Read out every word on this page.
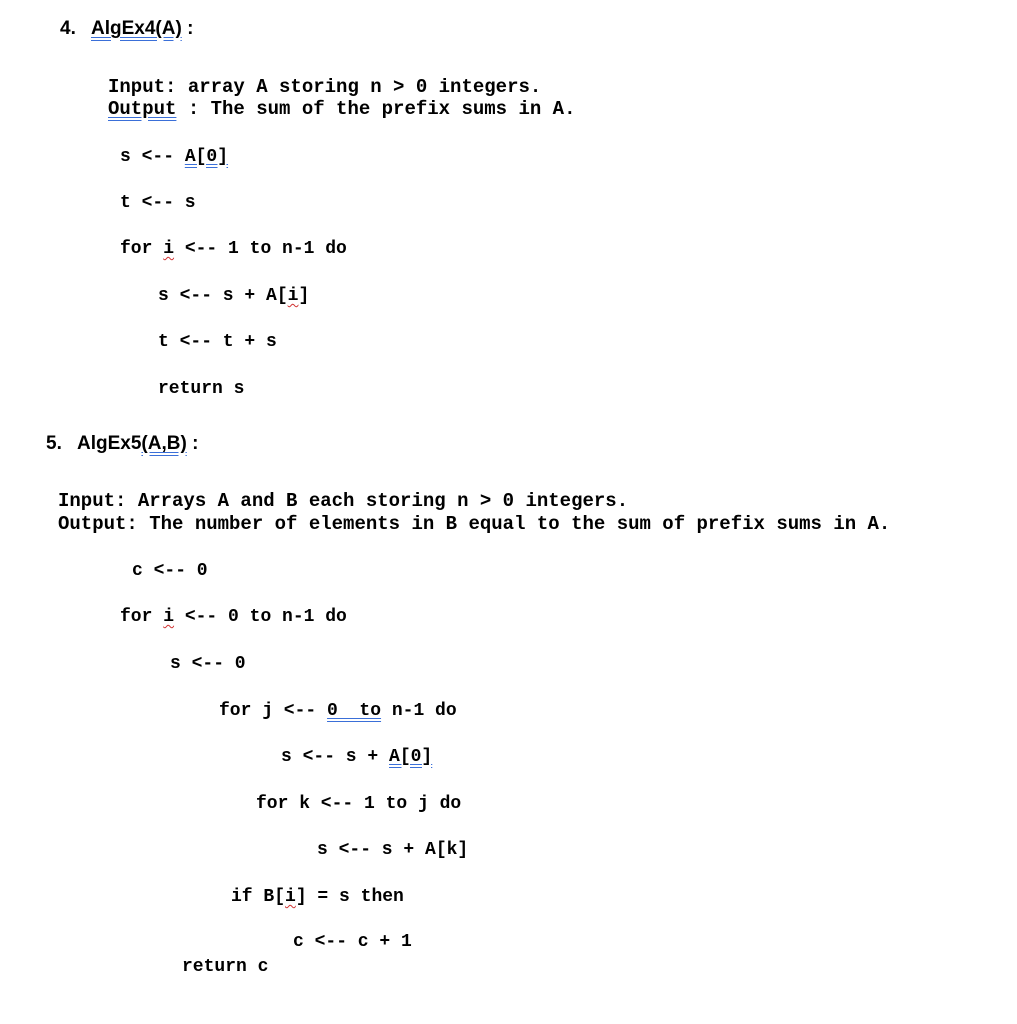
4. AlgEx4(A) :
Input: array A storing n > 0 integers.
Output : The sum of the prefix sums in A.
s <-- A[0]
t <-- s
for i <-- 1 to n-1 do
s <-- s + A[i]
t <-- t + s
return s
5. AlgEx5(A,B) :
Input: Arrays A and B each storing n > 0 integers.
Output: The number of elements in B equal to the sum of prefix sums in A.
c <-- 0
for i <-- 0 to n-1 do
s <-- 0
for j <-- 0  to n-1 do
s <-- s + A[0]
for k <-- 1 to j do
s <-- s + A[k]
if B[i] = s then
c <-- c + 1
return c
